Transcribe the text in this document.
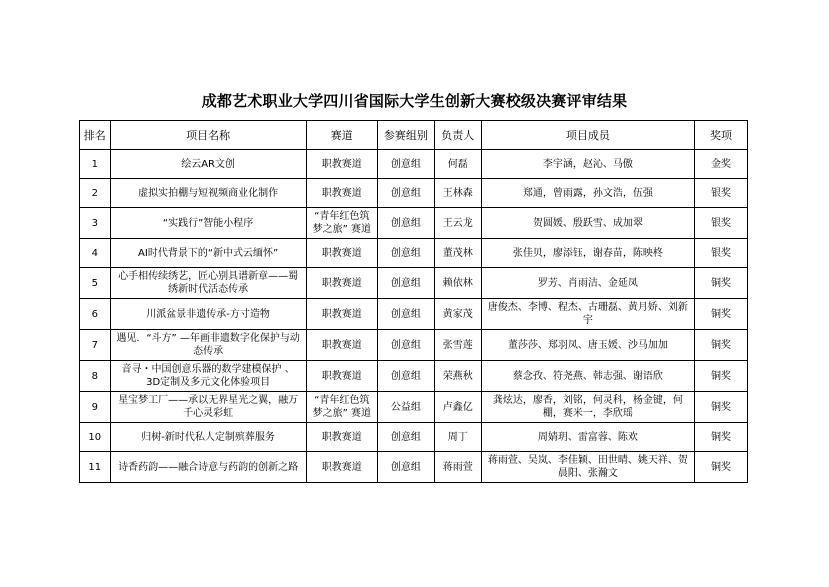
成都艺术职业大学四川省国际大学生创新大赛校级决赛评审结果
排名	项目名称	赛道	参赛组别	负责人	项目成员	奖项
1	绘云AR文创	职教赛道	创意组	何磊	李宇涵，赵沁、马傲	金奖
2	虚拟实拍棚与短视频商业化制作	职教赛道	创意组	王林森	郑通，曾雨露，孙文浩，伍强	银奖
3	“实践行”智能小程序	“青年红色筑梦之旅” 赛道	创意组	王云龙	贺圆媛、殷跃雪、成加翠	银奖
4	AI时代背景下的“新中式云缅怀”	职教赛道	创意组	董茂林	张佳贝，廖添钰，谢春苗，陈映柊	银奖
5	心手相传续绣艺，匠心别具谱新章——蜀绣新时代活态传承	职教赛道	创意组	赖依林	罗芳、肖雨洁、金延凤	铜奖
6	川派盆景非遗传承-方寸造物	职教赛道	创意组	黄家茂	唐俊杰、李博、程杰、古珊磊、黄月娇、刘新宇	铜奖
7	遇见．“斗方” —年画非遗数字化保护与动态传承	职教赛道	创意组	张雪莲	董莎莎、郑羽凤、唐玉媛、沙马加加	铜奖
8	音寻・中国创意乐器的数学建模保护 、 3D定制及多元文化体验项目	职教赛道	创意组	荣燕秋	蔡念孜、符尧燕、韩志强、谢语欣	铜奖
9	星宝梦工厂——承以无界星光之翼，融万千心灵彩虹	“青年红色筑梦之旅” 赛道	公益组	卢鑫亿	龚炫达，廖香，刘铭，何灵科，杨金键，何棚，赛米一，李欣瑶	铜奖
10	归树-新时代私人定制殡葬服务	职教赛道	创意组	周丁	周婧玥、雷富蓉、陈欢	铜奖
11	诗香药韵——融合诗意与药韵的创新之路	职教赛道	创意组	蒋雨萱	蒋雨萱、吴岚、李佳颖、田世晴、姚天祥、贺晨阳、张瀚文	铜奖
